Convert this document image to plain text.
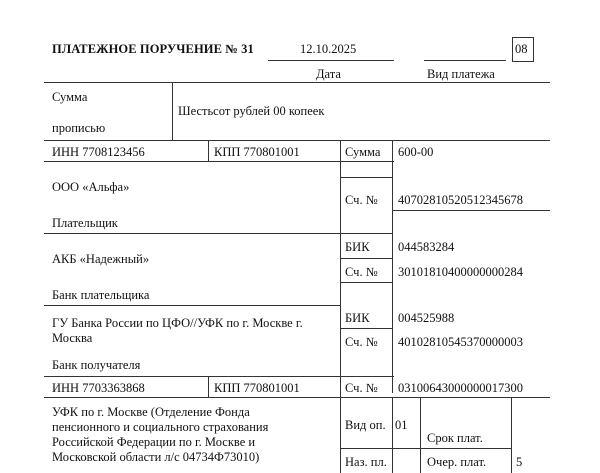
ПЛАТЕЖНОЕ ПОРУЧЕНИЕ № 31	12.10.2025
Дата	Вид платежа
08
Сумма
прописью
Шестьсот рублей 00 копеек
ИНН 7708123456	КПП 770801001	Сумма 600-00
ООО «Альфа»
Сч. № 40702810520512345678
Плательщик
АКБ «Надежный»
БИК 044583284
Сч. № 30101810400000000284
Банк плательщика
ГУ Банка России по ЦФО//УФК по г. Москве г.
Москва
БИК 004525988
Сч. № 40102810545370000003
Банк получателя
ИНН 7703363868	КПП 770801001	Сч. № 03100643000000017300
УФК по г. Москве (Отделение Фонда
пенсионного и социального страхования
Российской Федерации по г. Москве и
Московской области л/с 04734Ф73010)
Вид оп. 01
Срок плат.
Наз. пл.	Очер. плат. 5
